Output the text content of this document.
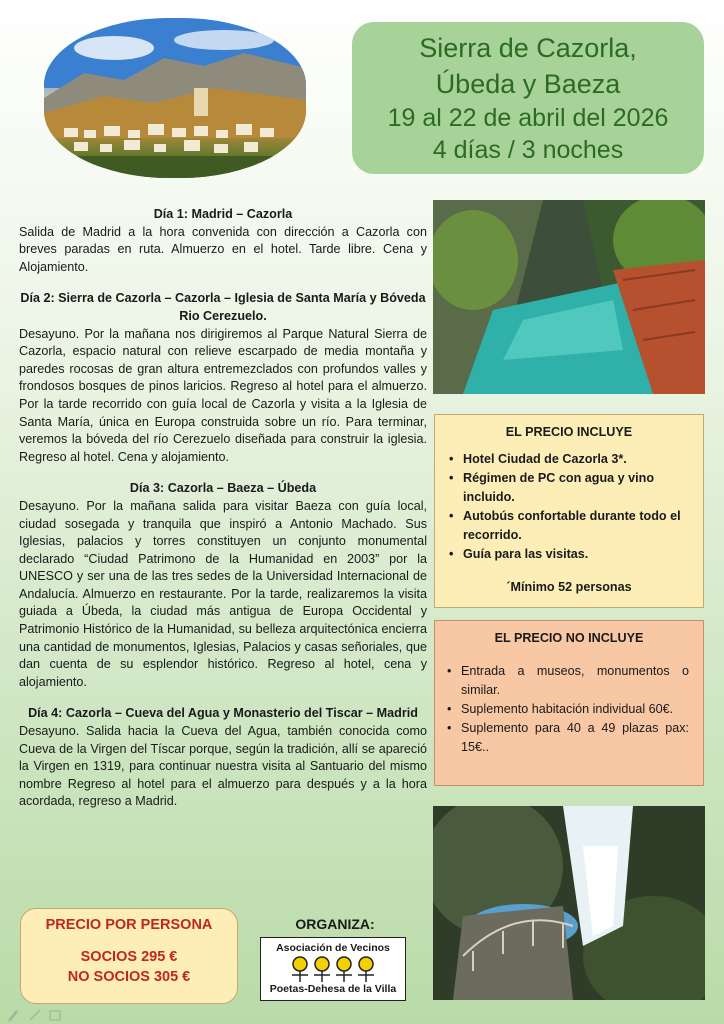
Sierra de Cazorla,
Úbeda y Baeza
19 al 22 de abril del 2026
4 días / 3 noches
Día 1: Madrid – Cazorla
Salida de Madrid a la hora convenida con dirección a Cazorla con breves paradas en ruta. Almuerzo en el hotel. Tarde libre. Cena y Alojamiento.
Día 2: Sierra de Cazorla – Cazorla – Iglesia de Santa María y Bóveda Rio Cerezuelo.
Desayuno. Por la mañana nos dirigiremos al Parque Natural Sierra de Cazorla, espacio natural con relieve escarpado de media montaña y paredes rocosas de gran altura entremezclados con profundos valles y frondosos bosques de pinos laricios. Regreso al hotel para el almuerzo. Por la tarde recorrido con guía local de Cazorla y visita a la Iglesia de Santa María, única en Europa construida sobre un río. Para terminar, veremos la bóveda del río Cerezuelo diseñada para construir la iglesia. Regreso al hotel. Cena y alojamiento.
Día 3: Cazorla – Baeza – Úbeda
Desayuno. Por la mañana salida para visitar Baeza con guía local, ciudad sosegada y tranquila que inspiró a Antonio Machado. Sus Iglesias, palacios y torres constituyen un conjunto monumental declarado “Ciudad Patrimono de la Humanidad en 2003” por la UNESCO y ser una de las tres sedes de la Universidad Internacional de Andalucía. Almuerzo en restaurante. Por la tarde, realizaremos la visita guiada a Úbeda, la ciudad más antigua de Europa Occidental y Patrimonio Histórico de la Humanidad, su belleza arquitectónica encierra una cantidad de monumentos, Iglesias, Palacios y casas señoriales, que dan cuenta de su esplendor histórico. Regreso al hotel, cena y alojamiento.
Día 4: Cazorla – Cueva del Agua y Monasterio del Tiscar – Madrid
Desayuno. Salida hacia la Cueva del Agua, también conocida como Cueva de la Virgen del Tíscar porque, según la tradición, allí se apareció la Virgen en 1319, para continuar nuestra visita al Santuario del mismo nombre Regreso al hotel para el almuerzo para después y a la hora acordada, regreso a Madrid.
EL PRECIO INCLUYE
• Hotel Ciudad de Cazorla 3*.
• Régimen de PC con agua y vino incluido.
• Autobús confortable durante todo el recorrido.
• Guía para las visitas.
´Mínimo 52 personas
EL PRECIO NO INCLUYE
• Entrada a museos, monumentos o similar.
• Suplemento habitación individual 60€.
• Suplemento para 40 a 49 plazas pax: 15€..
PRECIO POR PERSONA
SOCIOS 295 €
NO SOCIOS 305 €
ORGANIZA:
Asociación de Vecinos
Poetas-Dehesa de la Villa
